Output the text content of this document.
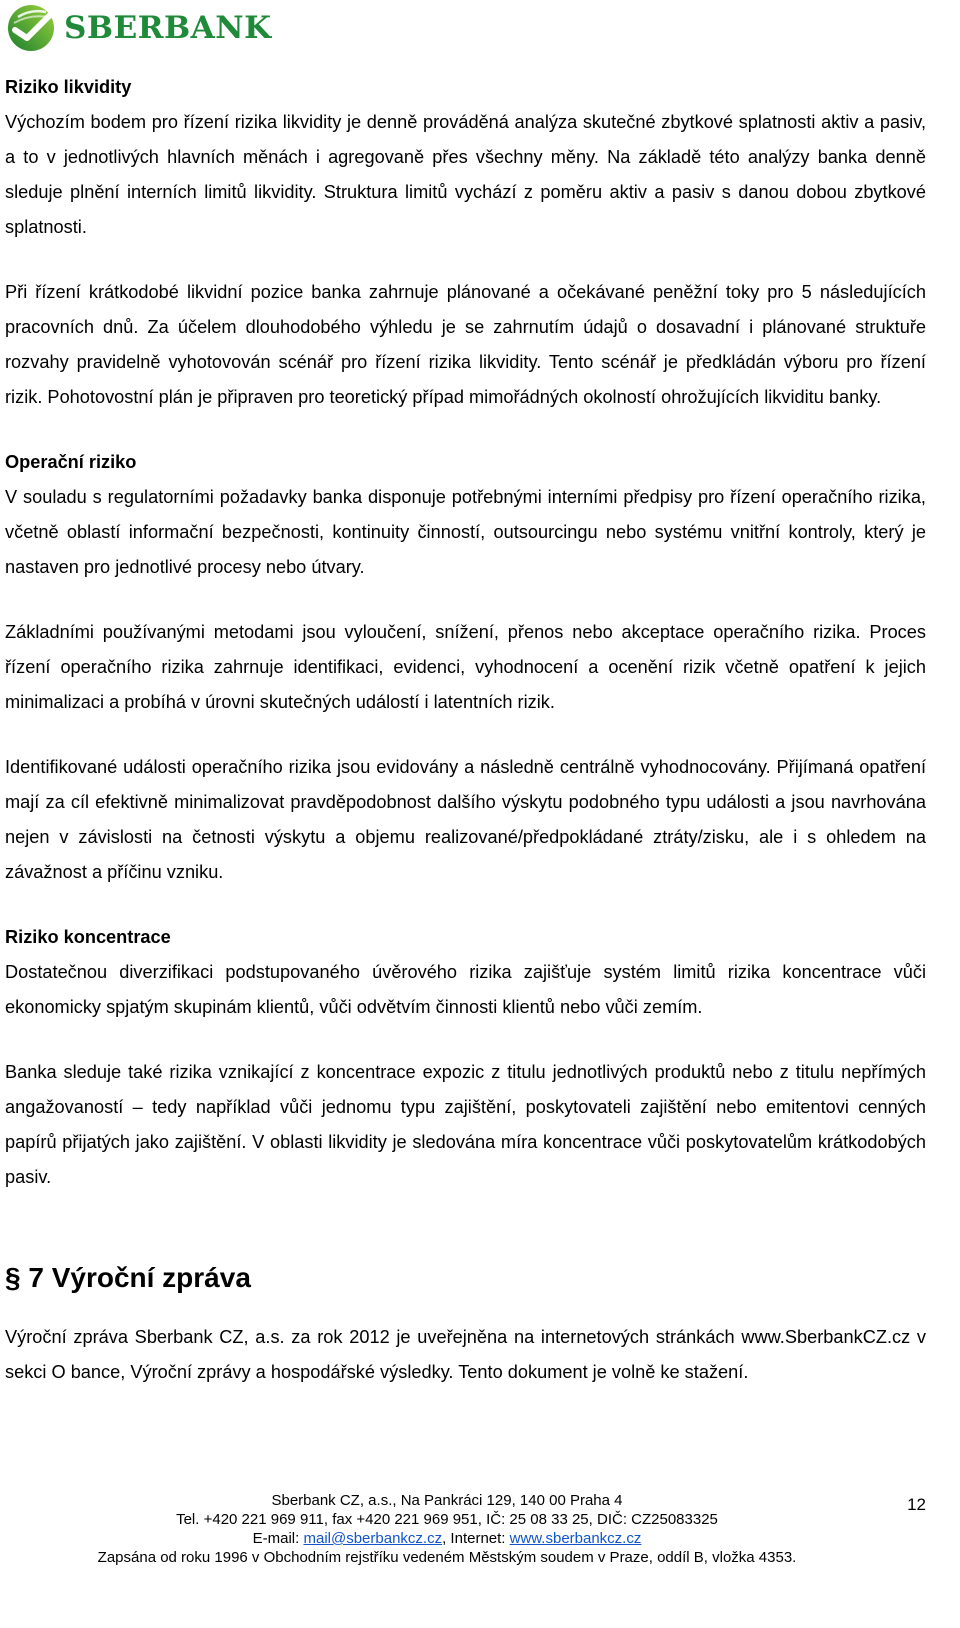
SBERBANK
Riziko likvidity

Výchozím bodem pro řízení rizika likvidity je denně prováděná analýza skutečné zbytkové splatnosti aktiv a pasiv, a to v jednotlivých hlavních měnách i agregovaně přes všechny měny. Na základě této analýzy banka denně sleduje plnění interních limitů likvidity. Struktura limitů vychází z poměru aktiv a pasiv s danou dobou zbytkové splatnosti.

Při řízení krátkodobé likvidní pozice banka zahrnuje plánované a očekávané peněžní toky pro 5 následujících pracovních dnů. Za účelem dlouhodobého výhledu je se zahrnutím údajů o dosavadní i plánované struktuře rozvahy pravidelně vyhotovován scénář pro řízení rizika likvidity. Tento scénář je předkládán výboru pro řízení rizik. Pohotovostní plán je připraven pro teoretický případ mimořádných okolností ohrožujících likviditu banky.

Operační riziko

V souladu s regulatorními požadavky banka disponuje potřebnými interními předpisy pro řízení operačního rizika, včetně oblastí informační bezpečnosti, kontinuity činností, outsourcingu nebo systému vnitřní kontroly, který je nastaven pro jednotlivé procesy nebo útvary.

Základními používanými metodami jsou vyloučení, snížení, přenos nebo akceptace operačního rizika. Proces řízení operačního rizika zahrnuje identifikaci, evidenci, vyhodnocení a ocenění rizik včetně opatření k jejich minimalizaci a probíhá v úrovni skutečných událostí i latentních rizik.

Identifikované události operačního rizika jsou evidovány a následně centrálně vyhodnocovány. Přijímaná opatření mají za cíl efektivně minimalizovat pravděpodobnost dalšího výskytu podobného typu události a jsou navrhována nejen v závislosti na četnosti výskytu a objemu realizované/předpokládané ztráty/zisku, ale i s ohledem na závažnost a příčinu vzniku.

Riziko koncentrace

Dostatečnou diverzifikaci podstupovaného úvěrového rizika zajišťuje systém limitů rizika koncentrace vůči ekonomicky spjatým skupinám klientů, vůči odvětvím činnosti klientů nebo vůči zemím.

Banka sleduje také rizika vznikající z koncentrace expozic z titulu jednotlivých produktů nebo z titulu nepřímých angažovaností – tedy například vůči jednomu typu zajištění, poskytovateli zajištění nebo emitentovi cenných papírů přijatých jako zajištění. V oblasti likvidity je sledována míra koncentrace vůči poskytovatelům krátkodobých pasiv.

§ 7 Výroční zpráva

Výroční zpráva Sberbank CZ, a.s. za rok 2012 je uveřejněna na internetových stránkách www.SberbankCZ.cz v sekci O bance, Výroční zprávy a hospodářské výsledky. Tento dokument je volně ke stažení.

Sberbank CZ, a.s., Na Pankráci 129, 140 00 Praha 4
Tel. +420 221 969 911, fax +420 221 969 951, IČ: 25 08 33 25, DIČ: CZ25083325
E-mail: mail@sberbankcz.cz, Internet: www.sberbankcz.cz
Zapsána od roku 1996 v Obchodním rejstříku vedeném Městským soudem v Praze, oddíl B, vložka 4353.
12
